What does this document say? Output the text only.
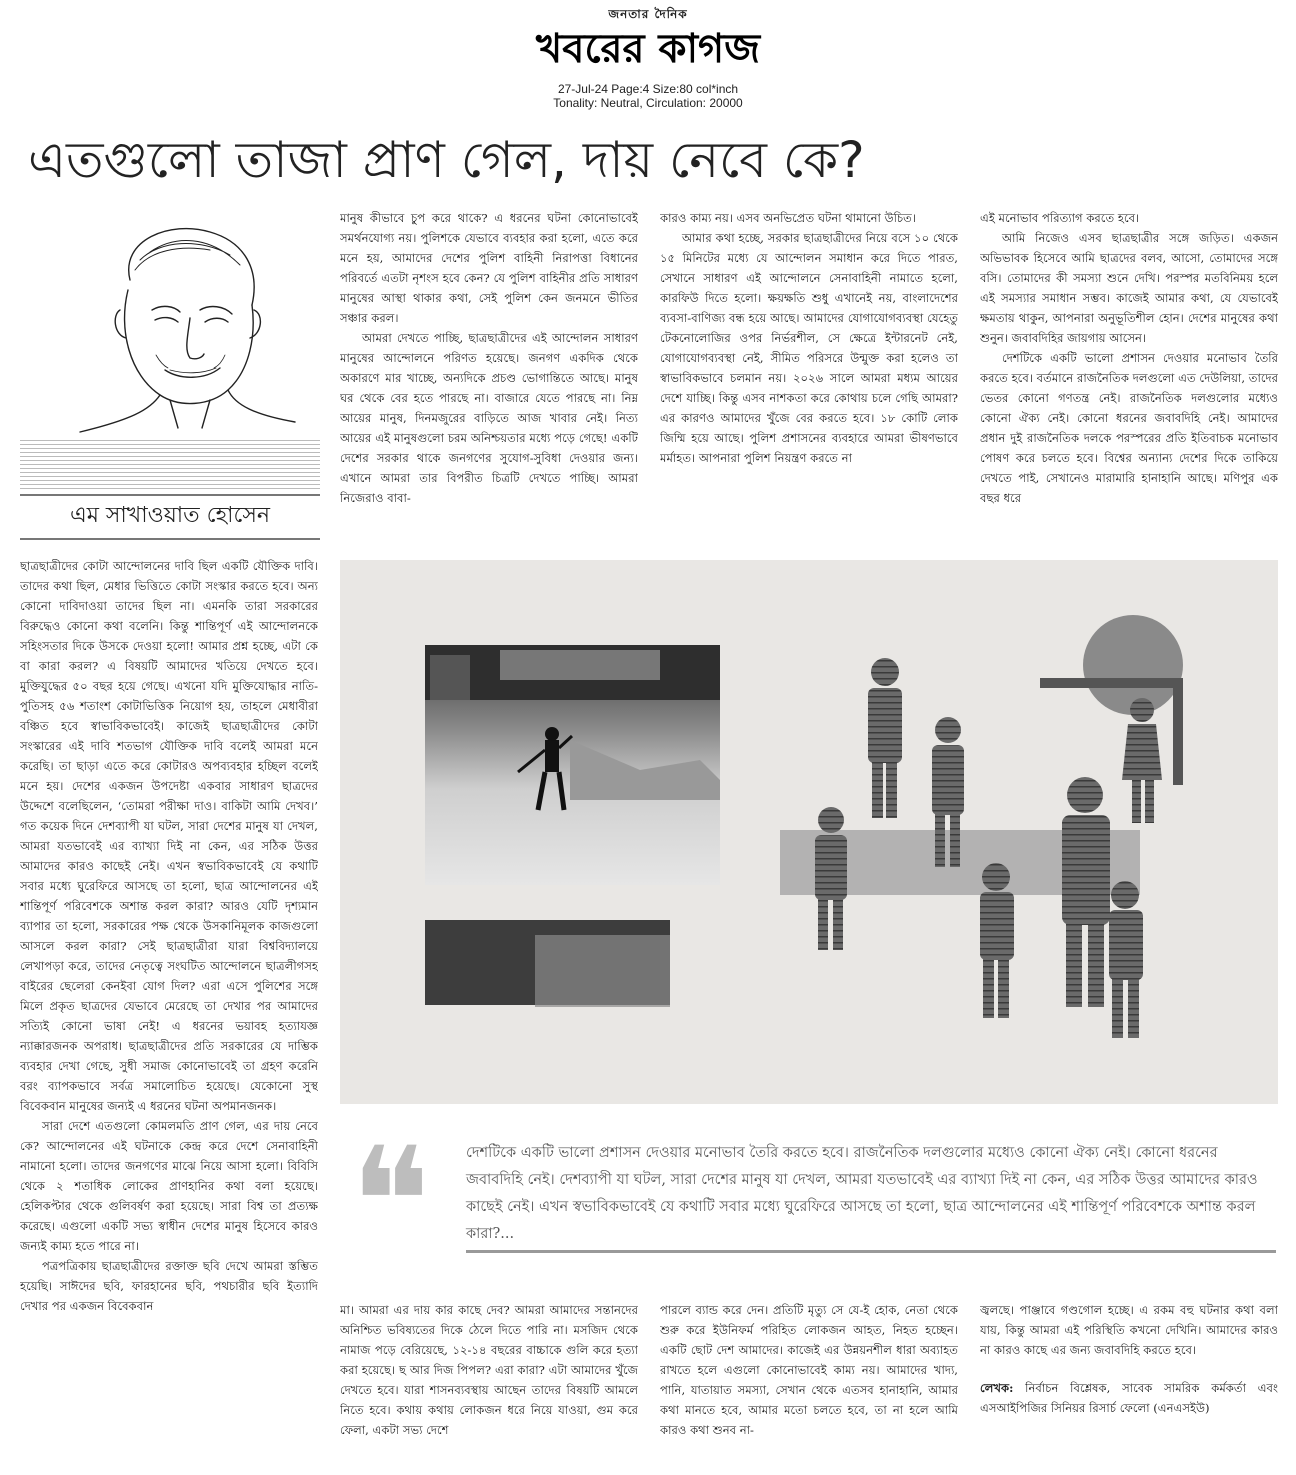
জনতার দৈনিক
খবরের কাগজ
27-Jul-24 Page:4 Size:80 col*inch
Tonality: Neutral, Circulation: 20000
এতগুলো তাজা প্রাণ গেল, দায় নেবে কে?
এম সাখাওয়াত হোসেন

ছাত্রছাত্রীদের কোটা আন্দোলনের দাবি ছিল একটি যৌক্তিক দাবি। তাদের কথা ছিল, মেধার ভিত্তিতে কোটা সংস্কার করতে হবে। অন্য কোনো দাবিদাওয়া তাদের ছিল না। এমনকি তারা সরকারের বিরুদ্ধেও কোনো কথা বলেনি। কিন্তু শান্তিপূর্ণ এই আন্দোলনকে সহিংসতার দিকে উসকে দেওয়া হলো! আমার প্রশ্ন হচ্ছে, এটা কে বা কারা করল? এ বিষয়টি আমাদের খতিয়ে দেখতে হবে। মুক্তিযুদ্ধের ৫০ বছর হয়ে গেছে। এখনো যদি মুক্তিযোদ্ধার নাতি-পুতিসহ ৫৬ শতাংশ কোটাভিত্তিক নিয়োগ হয়, তাহলে মেধাবীরা বঞ্চিত হবে স্বাভাবিকভাবেই। কাজেই ছাত্রছাত্রীদের কোটা সংস্কারের এই দাবি শতভাগ যৌক্তিক দাবি বলেই আমরা মনে করেছি। তা ছাড়া এতে করে কোটারও অপব্যবহার হচ্ছিল বলেই মনে হয়। দেশের একজন উপদেষ্টা একবার সাধারণ ছাত্রদের উদ্দেশে বলেছিলেন, ‘তোমরা পরীক্ষা দাও। বাকিটা আমি দেখব।’ গত কয়েক দিনে দেশব্যাপী যা ঘটল, সারা দেশের মানুষ যা দেখল, আমরা যতভাবেই এর ব্যাখ্যা দিই না কেন, এর সঠিক উত্তর আমাদের কারও কাছেই নেই। এখন স্বভাবিকভাবেই যে কথাটি সবার মধ্যে ঘুরেফিরে আসছে তা হলো, ছাত্র আন্দোলনের এই শান্তিপূর্ণ পরিবেশকে অশান্ত করল কারা? আরও যেটি দৃশ্যমান ব্যাপার তা হলো, সরকারের পক্ষ থেকে উসকানিমূলক কাজগুলো আসলে করল কারা? সেই ছাত্রছাত্রীরা যারা বিশ্ববিদ্যালয়ে লেখাপড়া করে, তাদের নেতৃত্বে সংঘটিত আন্দোলনে ছাত্রলীগসহ বাইরের ছেলেরা কেনইবা যোগ দিল? এরা এসে পুলিশের সঙ্গে মিলে প্রকৃত ছাত্রদের যেভাবে মেরেছে তা দেখার পর আমাদের সত্যিই কোনো ভাষা নেই! এ ধরনের ভয়াবহ হত্যাযজ্ঞ ন্যাক্কারজনক অপরাধ। ছাত্রছাত্রীদের প্রতি সরকারের যে দাম্ভিক ব্যবহার দেখা গেছে, সুধী সমাজ কোনোভাবেই তা গ্রহণ করেনি বরং ব্যাপকভাবে সর্বত্র সমালোচিত হয়েছে। যেকোনো সুস্থ বিবেকবান মানুষের জন্যই এ ধরনের ঘটনা অপমানজনক।

সারা দেশে এতগুলো কোমলমতি প্রাণ গেল, এর দায় নেবে কে? আন্দোলনের এই ঘটনাকে কেন্দ্র করে দেশে সেনাবাহিনী নামানো হলো। তাদের জনগণের মাঝে নিয়ে আসা হলো। বিবিসি থেকে ২ শতাধিক লোকের প্রাণহানির কথা বলা হয়েছে। হেলিকপ্টার থেকে গুলিবর্ষণ করা হয়েছে। সারা বিশ্ব তা প্রত্যক্ষ করেছে। এগুলো একটি সভ্য স্বাধীন দেশের মানুষ হিসেবে কারও জন্যই কাম্য হতে পারে না।

পত্রপত্রিকায় ছাত্রছাত্রীদের রক্তাক্ত ছবি দেখে আমরা স্তম্ভিত হয়েছি। সাঈদের ছবি, ফারহানের ছবি, পথচারীর ছবি ইত্যাদি দেখার পর একজন বিবেকবান

মানুষ কীভাবে চুপ করে থাকে? এ ধরনের ঘটনা কোনোভাবেই সমর্থনযোগ্য নয়। পুলিশকে যেভাবে ব্যবহার করা হলো, এতে করে মনে হয়, আমাদের দেশের পুলিশ বাহিনী নিরাপত্তা বিধানের পরিবর্তে এতটা নৃশংস হবে কেন? যে পুলিশ বাহিনীর প্রতি সাধারণ মানুষের আস্থা থাকার কথা, সেই পুলিশ কেন জনমনে ভীতির সঞ্চার করল।

আমরা দেখতে পাচ্ছি, ছাত্রছাত্রীদের এই আন্দোলন সাধারণ মানুষের আন্দোলনে পরিণত হয়েছে। জনগণ একদিক থেকে অকারণে মার খাচ্ছে, অন্যদিকে প্রচণ্ড ভোগান্তিতে আছে। মানুষ ঘর থেকে বের হতে পারছে না। বাজারে যেতে পারছে না। নিম্ন আয়ের মানুষ, দিনমজুরের বাড়িতে আজ খাবার নেই। নিত্য আয়ের এই মানুষগুলো চরম অনিশ্চয়তার মধ্যে পড়ে গেছে! একটি দেশের সরকার থাকে জনগণের সুযোগ-সুবিধা দেওয়ার জন্য। এখানে আমরা তার বিপরীত চিত্রটি দেখতে পাচ্ছি। আমরা নিজেরাও বাবা-

কারও কাম্য নয়। এসব অনভিপ্রেত ঘটনা থামানো উচিত।

আমার কথা হচ্ছে, সরকার ছাত্রছাত্রীদের নিয়ে বসে ১০ থেকে ১৫ মিনিটের মধ্যে যে আন্দোলন সমাধান করে দিতে পারত, সেখানে সাধারণ এই আন্দোলনে সেনাবাহিনী নামাতে হলো, কারফিউ দিতে হলো। ক্ষয়ক্ষতি শুধু এখানেই নয়, বাংলাদেশের ব্যবসা-বাণিজ্য বন্ধ হয়ে আছে। আমাদের যোগাযোগব্যবস্থা যেহেতু টেকনোলোজির ওপর নির্ভরশীল, সে ক্ষেত্রে ইন্টারনেট নেই, যোগাযোগব্যবস্থা নেই, সীমিত পরিসরে উন্মুক্ত করা হলেও তা স্বাভাবিকভাবে চলমান নয়। ২০২৬ সালে আমরা মধ্যম আয়ের দেশে যাচ্ছি। কিন্তু এসব নাশকতা করে কোথায় চলে গেছি আমরা? এর কারণও আমাদের খুঁজে বের করতে হবে। ১৮ কোটি লোক জিম্মি হয়ে আছে। পুলিশ প্রশাসনের ব্যবহারে আমরা ভীষণভাবে মর্মাহত। আপনারা পুলিশ নিয়ন্ত্রণ করতে না

এই মনোভাব পরিত্যাগ করতে হবে।

আমি নিজেও এসব ছাত্রছাত্রীর সঙ্গে জড়িত। একজন অভিভাবক হিসেবে আমি ছাত্রদের বলব, আসো, তোমাদের সঙ্গে বসি। তোমাদের কী সমস্যা শুনে দেখি। পরস্পর মতবিনিময় হলে এই সমস্যার সমাধান সম্ভব। কাজেই আমার কথা, যে যেভাবেই ক্ষমতায় থাকুন, আপনারা অনুভূতিশীল হোন। দেশের মানুষের কথা শুনুন। জবাবদিহির জায়গায় আসেন।

দেশটিকে একটি ভালো প্রশাসন দেওয়ার মনোভাব তৈরি করতে হবে। বর্তমানে রাজনৈতিক দলগুলো এত দেউলিয়া, তাদের ভেতর কোনো গণতন্ত্র নেই। রাজনৈতিক দলগুলোর মধ্যেও কোনো ঐক্য নেই। কোনো ধরনের জবাবদিহি নেই। আমাদের প্রধান দুই রাজনৈতিক দলকে পরস্পরের প্রতি ইতিবাচক মনোভাব পোষণ করে চলতে হবে। বিশ্বের অন্যান্য দেশের দিকে তাকিয়ে দেখতে পাই, সেখানেও মারামারি হানাহানি আছে। মণিপুর এক বছর ধরে

❝ দেশটিকে একটি ভালো প্রশাসন দেওয়ার মনোভাব তৈরি করতে হবে। রাজনৈতিক দলগুলোর মধ্যেও কোনো ঐক্য নেই। কোনো ধরনের জবাবদিহি নেই। দেশব্যাপী যা ঘটল, সারা দেশের মানুষ যা দেখল, আমরা যতভাবেই এর ব্যাখ্যা দিই না কেন, এর সঠিক উত্তর আমাদের কারও কাছেই নেই। এখন স্বভাবিকভাবেই যে কথাটি সবার মধ্যে ঘুরেফিরে আসছে তা হলো, ছাত্র আন্দোলনের এই শান্তিপূর্ণ পরিবেশকে অশান্ত করল কারা?...

মা। আমরা এর দায় কার কাছে দেব? আমরা আমাদের সন্তানদের অনিশ্চিত ভবিষ্যতের দিকে ঠেলে দিতে পারি না। মসজিদ থেকে নামাজ পড়ে বেরিয়েছে, ১২-১৪ বছরের বাচ্চাকে গুলি করে হত্যা করা হয়েছে। ছ আর দিজ পিপল? এরা কারা? এটা আমাদের খুঁজে দেখতে হবে। যারা শাসনব্যবস্থায় আছেন তাদের বিষয়টি আমলে নিতে হবে। কথায় কথায় লোকজন ধরে নিয়ে যাওয়া, গুম করে ফেলা, একটা সভ্য দেশে

পারলে ব্যান্ড করে দেন। প্রতিটি মৃত্যু সে যে-ই হোক, নেতা থেকে শুরু করে ইউনিফর্ম পরিহিত লোকজন আহত, নিহত হচ্ছেন। একটি ছোট দেশ আমাদের। কাজেই এর উন্নয়নশীল ধারা অব্যাহত রাখতে হলে এগুলো কোনোভাবেই কাম্য নয়। আমাদের খাদ্য, পানি, যাতায়াত সমস্যা, সেখান থেকে এতসব হানাহানি, আমার কথা মানতে হবে, আমার মতো চলতে হবে, তা না হলে আমি কারও কথা শুনব না-

জ্বলছে। পাঞ্জাবে গণ্ডগোল হচ্ছে। এ রকম বহু ঘটনার কথা বলা যায়, কিন্তু আমরা এই পরিস্থিতি কখনো দেখিনি। আমাদের কারও না কারও কাছে এর জন্য জবাবদিহি করতে হবে।

লেখক: নির্বাচন বিশ্লেষক, সাবেক সামরিক কর্মকর্তা এবং এসআইপিজির সিনিয়র রিসার্চ ফেলো (এনএসইউ)
